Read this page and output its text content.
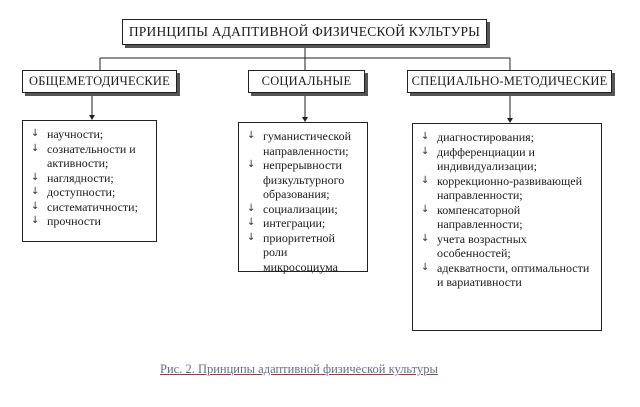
ПРИНЦИПЫ АДАПТИВНОЙ ФИЗИЧЕСКОЙ КУЛЬТУРЫ
ОБЩЕМЕТОДИЧЕСКИЕ	СОЦИАЛЬНЫЕ	СПЕЦИАЛЬНО-МЕТОДИЧЕСКИЕ
↓ научности;
↓ сознательности и активности;
↓ наглядности;
↓ доступности;
↓ систематичности;
↓ прочности
↓ гуманистической направленности;
↓ непрерывности физкультурного образования;
↓ социализации;
↓ интеграции;
↓ приоритетной роли микросоциума
↓ диагностирования;
↓ дифференциации и индивидуализации;
↓ коррекционно-развивающей направленности;
↓ компенсаторной направленности;
↓ учета возрастных особенностей;
↓ адекватности, оптимальности и вариативности
Рис. 2. Принципы адаптивной физической культуры
